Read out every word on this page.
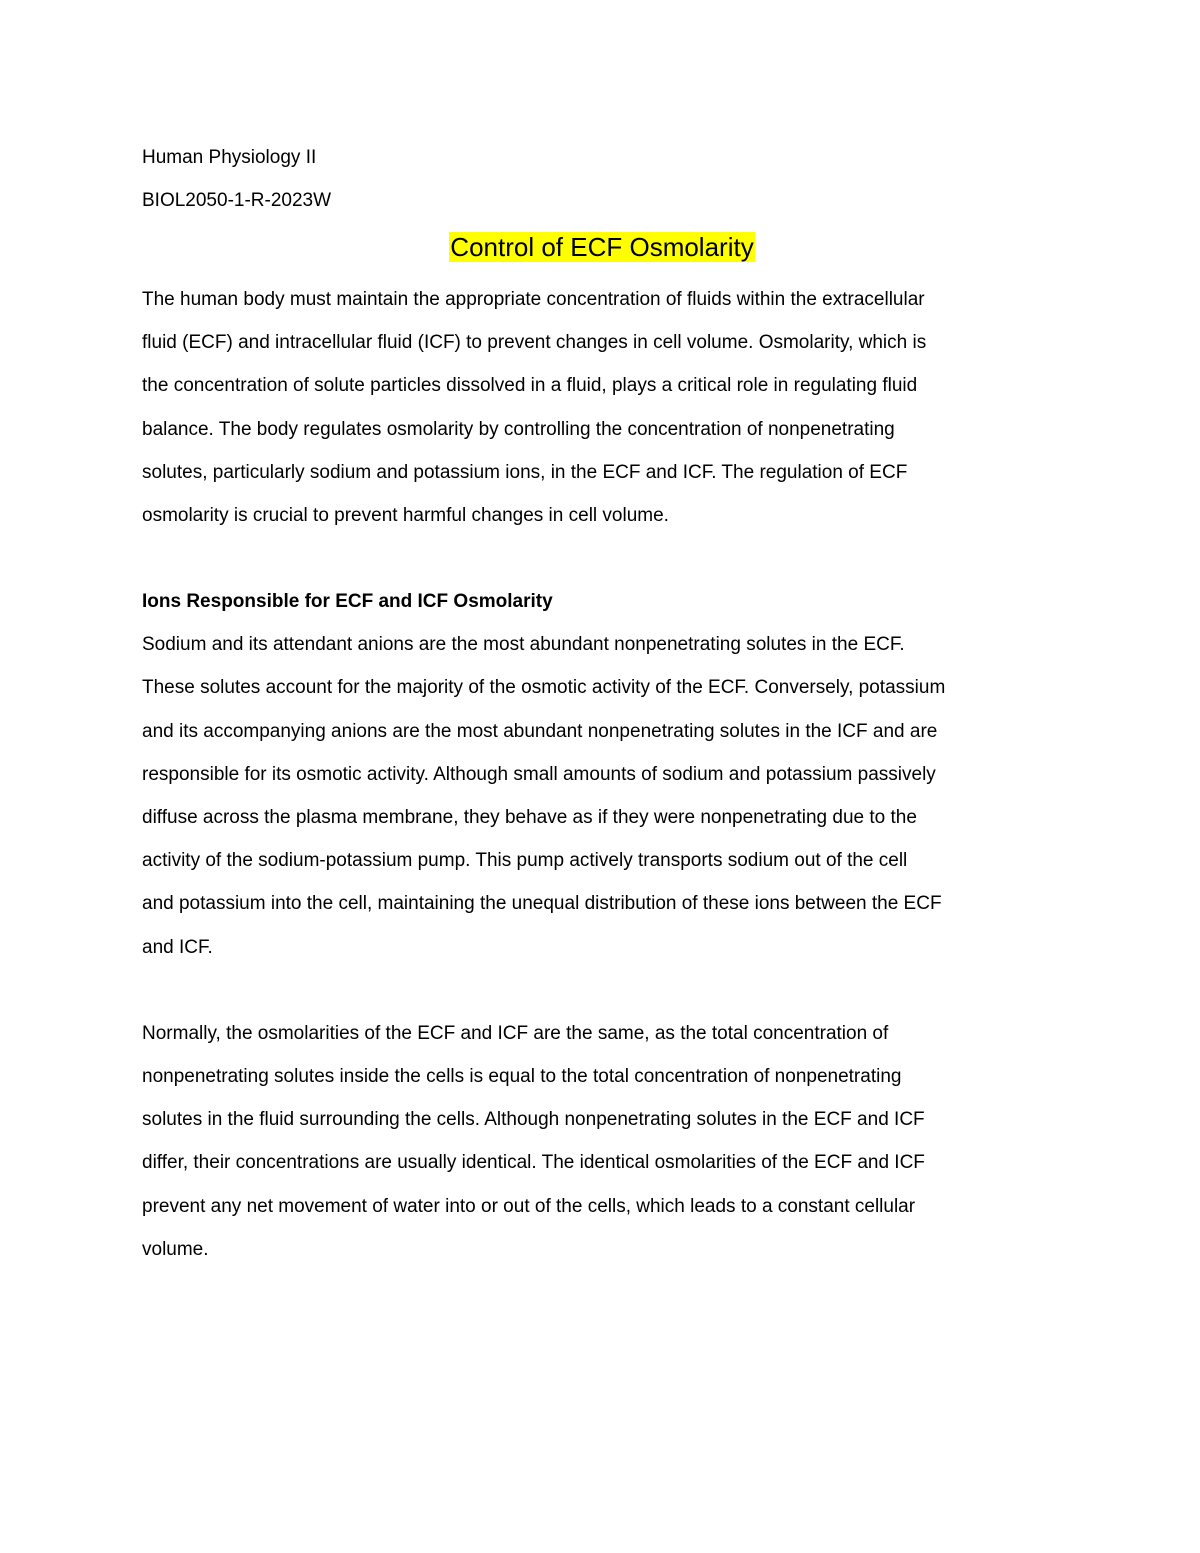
Human Physiology II

BIOL2050-1-R-2023W

Control of ECF Osmolarity

The human body must maintain the appropriate concentration of fluids within the extracellular
fluid (ECF) and intracellular fluid (ICF) to prevent changes in cell volume. Osmolarity, which is
the concentration of solute particles dissolved in a fluid, plays a critical role in regulating fluid
balance. The body regulates osmolarity by controlling the concentration of nonpenetrating
solutes, particularly sodium and potassium ions, in the ECF and ICF. The regulation of ECF
osmolarity is crucial to prevent harmful changes in cell volume.

Ions Responsible for ECF and ICF Osmolarity

Sodium and its attendant anions are the most abundant nonpenetrating solutes in the ECF.
These solutes account for the majority of the osmotic activity of the ECF. Conversely, potassium
and its accompanying anions are the most abundant nonpenetrating solutes in the ICF and are
responsible for its osmotic activity. Although small amounts of sodium and potassium passively
diffuse across the plasma membrane, they behave as if they were nonpenetrating due to the
activity of the sodium-potassium pump. This pump actively transports sodium out of the cell
and potassium into the cell, maintaining the unequal distribution of these ions between the ECF
and ICF.

Normally, the osmolarities of the ECF and ICF are the same, as the total concentration of
nonpenetrating solutes inside the cells is equal to the total concentration of nonpenetrating
solutes in the fluid surrounding the cells. Although nonpenetrating solutes in the ECF and ICF
differ, their concentrations are usually identical. The identical osmolarities of the ECF and ICF
prevent any net movement of water into or out of the cells, which leads to a constant cellular
volume.
